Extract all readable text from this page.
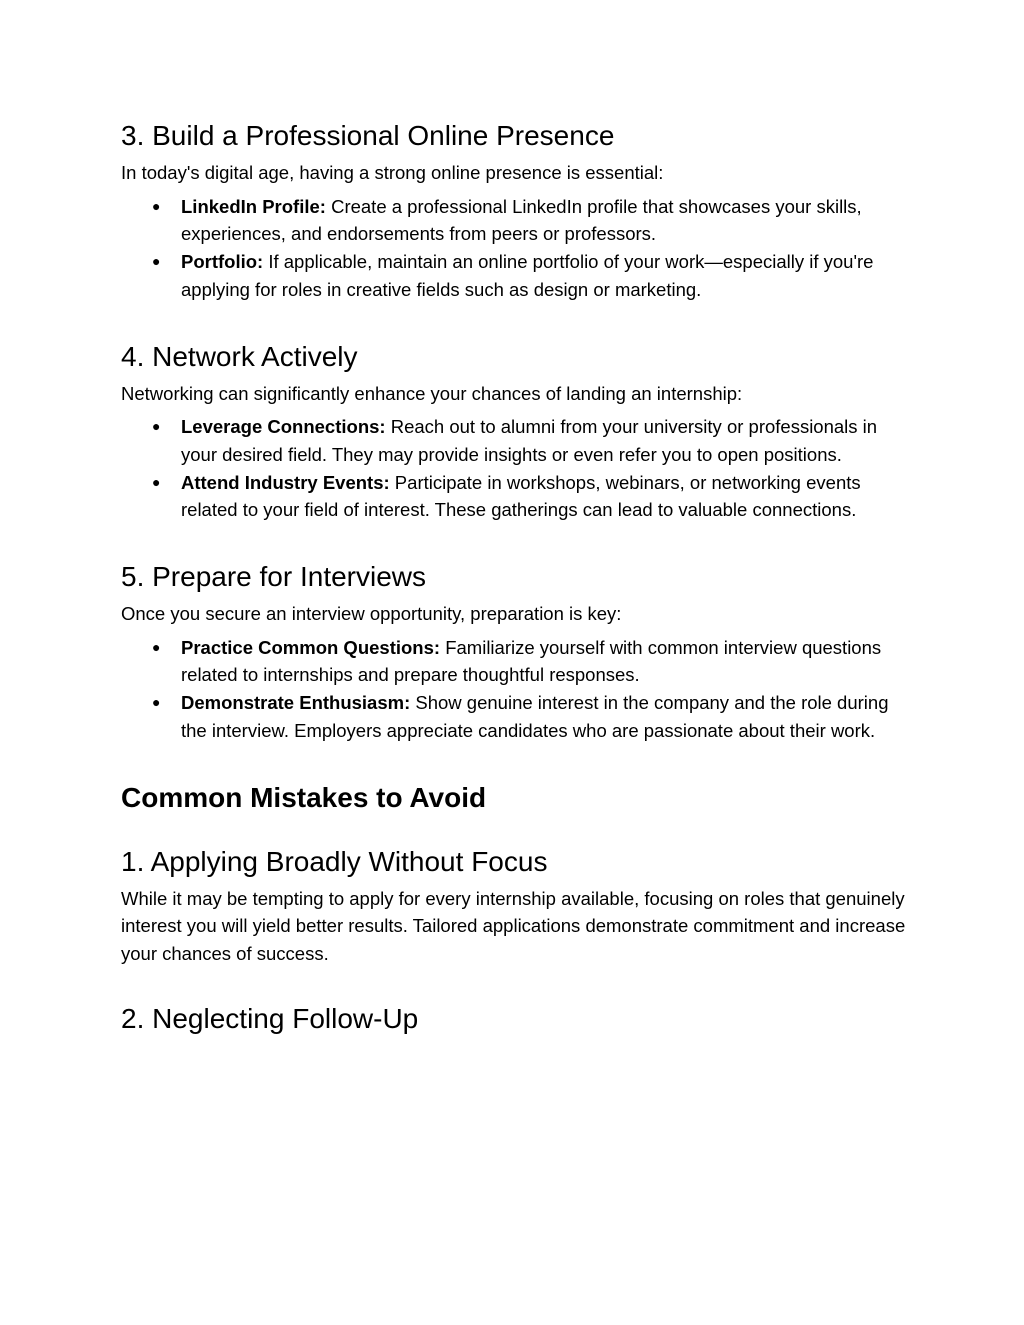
3. Build a Professional Online Presence

In today's digital age, having a strong online presence is essential:

● LinkedIn Profile: Create a professional LinkedIn profile that showcases your skills, experiences, and endorsements from peers or professors.
● Portfolio: If applicable, maintain an online portfolio of your work—especially if you're applying for roles in creative fields such as design or marketing.
4. Network Actively

Networking can significantly enhance your chances of landing an internship:

● Leverage Connections: Reach out to alumni from your university or professionals in your desired field. They may provide insights or even refer you to open positions.
● Attend Industry Events: Participate in workshops, webinars, or networking events related to your field of interest. These gatherings can lead to valuable connections.
5. Prepare for Interviews

Once you secure an interview opportunity, preparation is key:

● Practice Common Questions: Familiarize yourself with common interview questions related to internships and prepare thoughtful responses.
● Demonstrate Enthusiasm: Show genuine interest in the company and the role during the interview. Employers appreciate candidates who are passionate about their work.
Common Mistakes to Avoid
1. Applying Broadly Without Focus

While it may be tempting to apply for every internship available, focusing on roles that genuinely interest you will yield better results. Tailored applications demonstrate commitment and increase your chances of success.

2. Neglecting Follow-Up
